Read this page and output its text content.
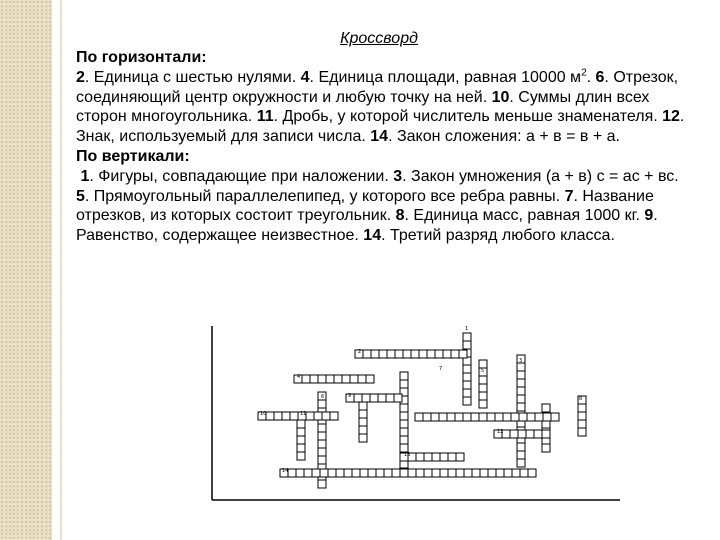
Кроссворд

По горизонтали:

2. Единица с шестью нулями. 4. Единица площади, равная 10000 $м^2$. 6. Отрезок, соединяющий центр окружности и любую точку на ней. 10. Суммы длин всех сторон многоугольника. 11. Дробь, у которой числитель меньше знаменателя. 12. Знак, используемый для записи числа. 14. Закон сложения: а + в = в + а.

По вертикали:

1. Фигуры, совпадающие при наложении. 3. Закон умножения (а + в) с = ас + вс. 5. Прямоугольный параллелепипед, у которого все ребра равны. 7. Название отрезков, из которых состоит треугольник. 8. Единица масс, равная 1000 кг. 9. Равенство, содержащее неизвестное. 14. Третий разряд любого класса.

1
2
3
4
5
6
7
8
9
10	11
12
13
14
